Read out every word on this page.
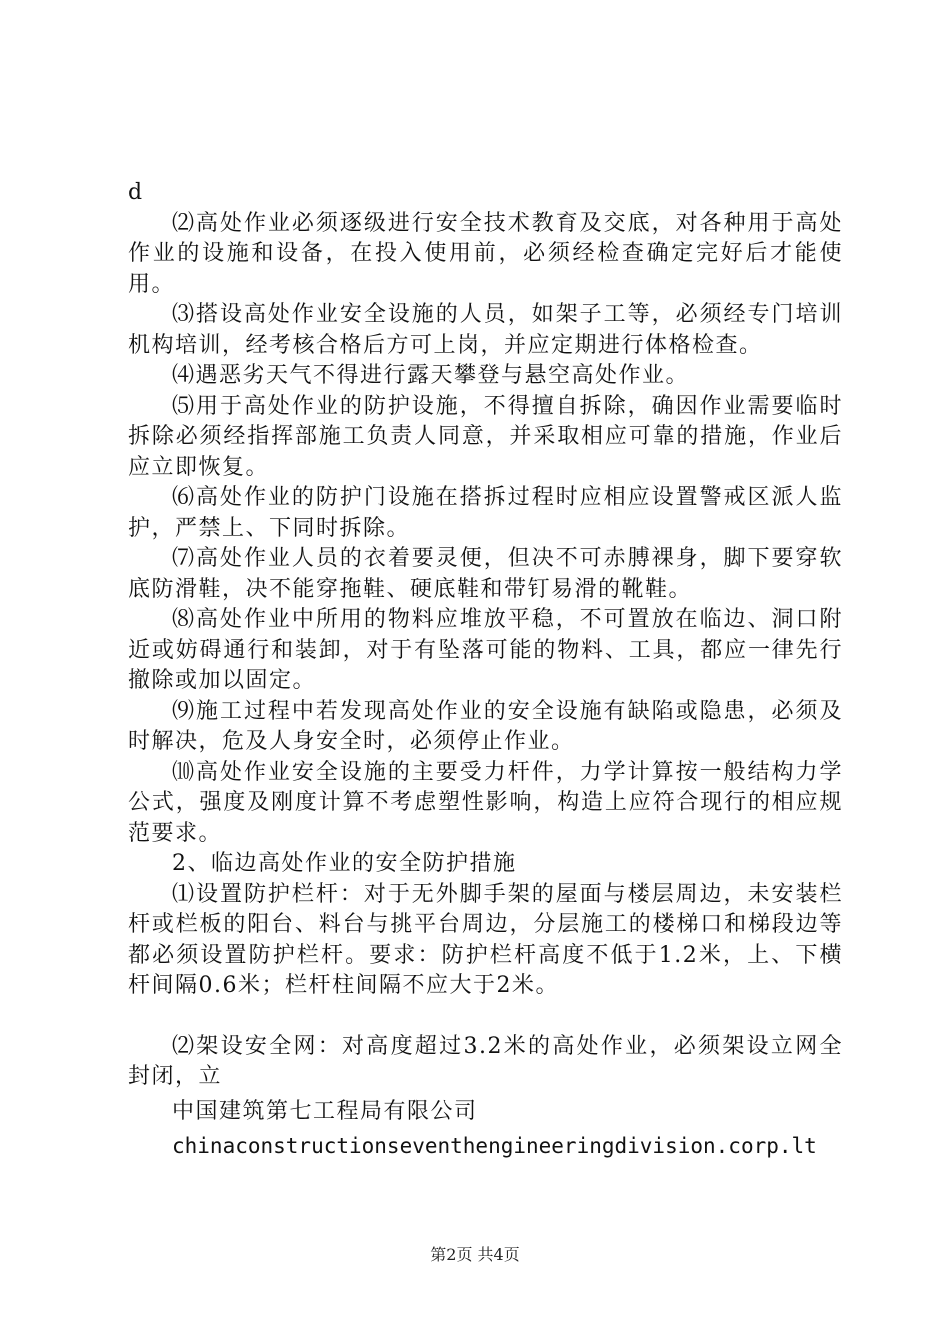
d

⑵高处作业必须逐级进行安全技术教育及交底，对各种用于高处作业的设施和设备，在投入使用前，必须经检查确定完好后才能使用。

⑶搭设高处作业安全设施的人员，如架子工等，必须经专门培训机构培训，经考核合格后方可上岗，并应定期进行体格检查。

⑷遇恶劣天气不得进行露天攀登与悬空高处作业。

⑸用于高处作业的防护设施，不得擅自拆除，确因作业需要临时拆除必须经指挥部施工负责人同意，并采取相应可靠的措施，作业后应立即恢复。

⑹高处作业的防护门设施在搭拆过程时应相应设置警戒区派人监护，严禁上、下同时拆除。

⑺高处作业人员的衣着要灵便，但决不可赤膊裸身，脚下要穿软底防滑鞋，决不能穿拖鞋、硬底鞋和带钉易滑的靴鞋。

⑻高处作业中所用的物料应堆放平稳，不可置放在临边、洞口附近或妨碍通行和装卸，对于有坠落可能的物料、工具，都应一律先行撤除或加以固定。

⑼施工过程中若发现高处作业的安全设施有缺陷或隐患，必须及时解决，危及人身安全时，必须停止作业。

⑽高处作业安全设施的主要受力杆件，力学计算按一般结构力学公式，强度及刚度计算不考虑塑性影响，构造上应符合现行的相应规范要求。

2、临边高处作业的安全防护措施

⑴设置防护栏杆：对于无外脚手架的屋面与楼层周边，未安装栏杆或栏板的阳台、料台与挑平台周边，分层施工的楼梯口和梯段边等都必须设置防护栏杆。要求：防护栏杆高度不低于1.2米，上、下横杆间隔0.6米；栏杆柱间隔不应大于2米。

⑵架设安全网：对高度超过3.2米的高处作业，必须架设立网全封闭，立

中国建筑第七工程局有限公司

chinaconstructionseventhengineeringdivision.corp.lt

第2页 共4页
